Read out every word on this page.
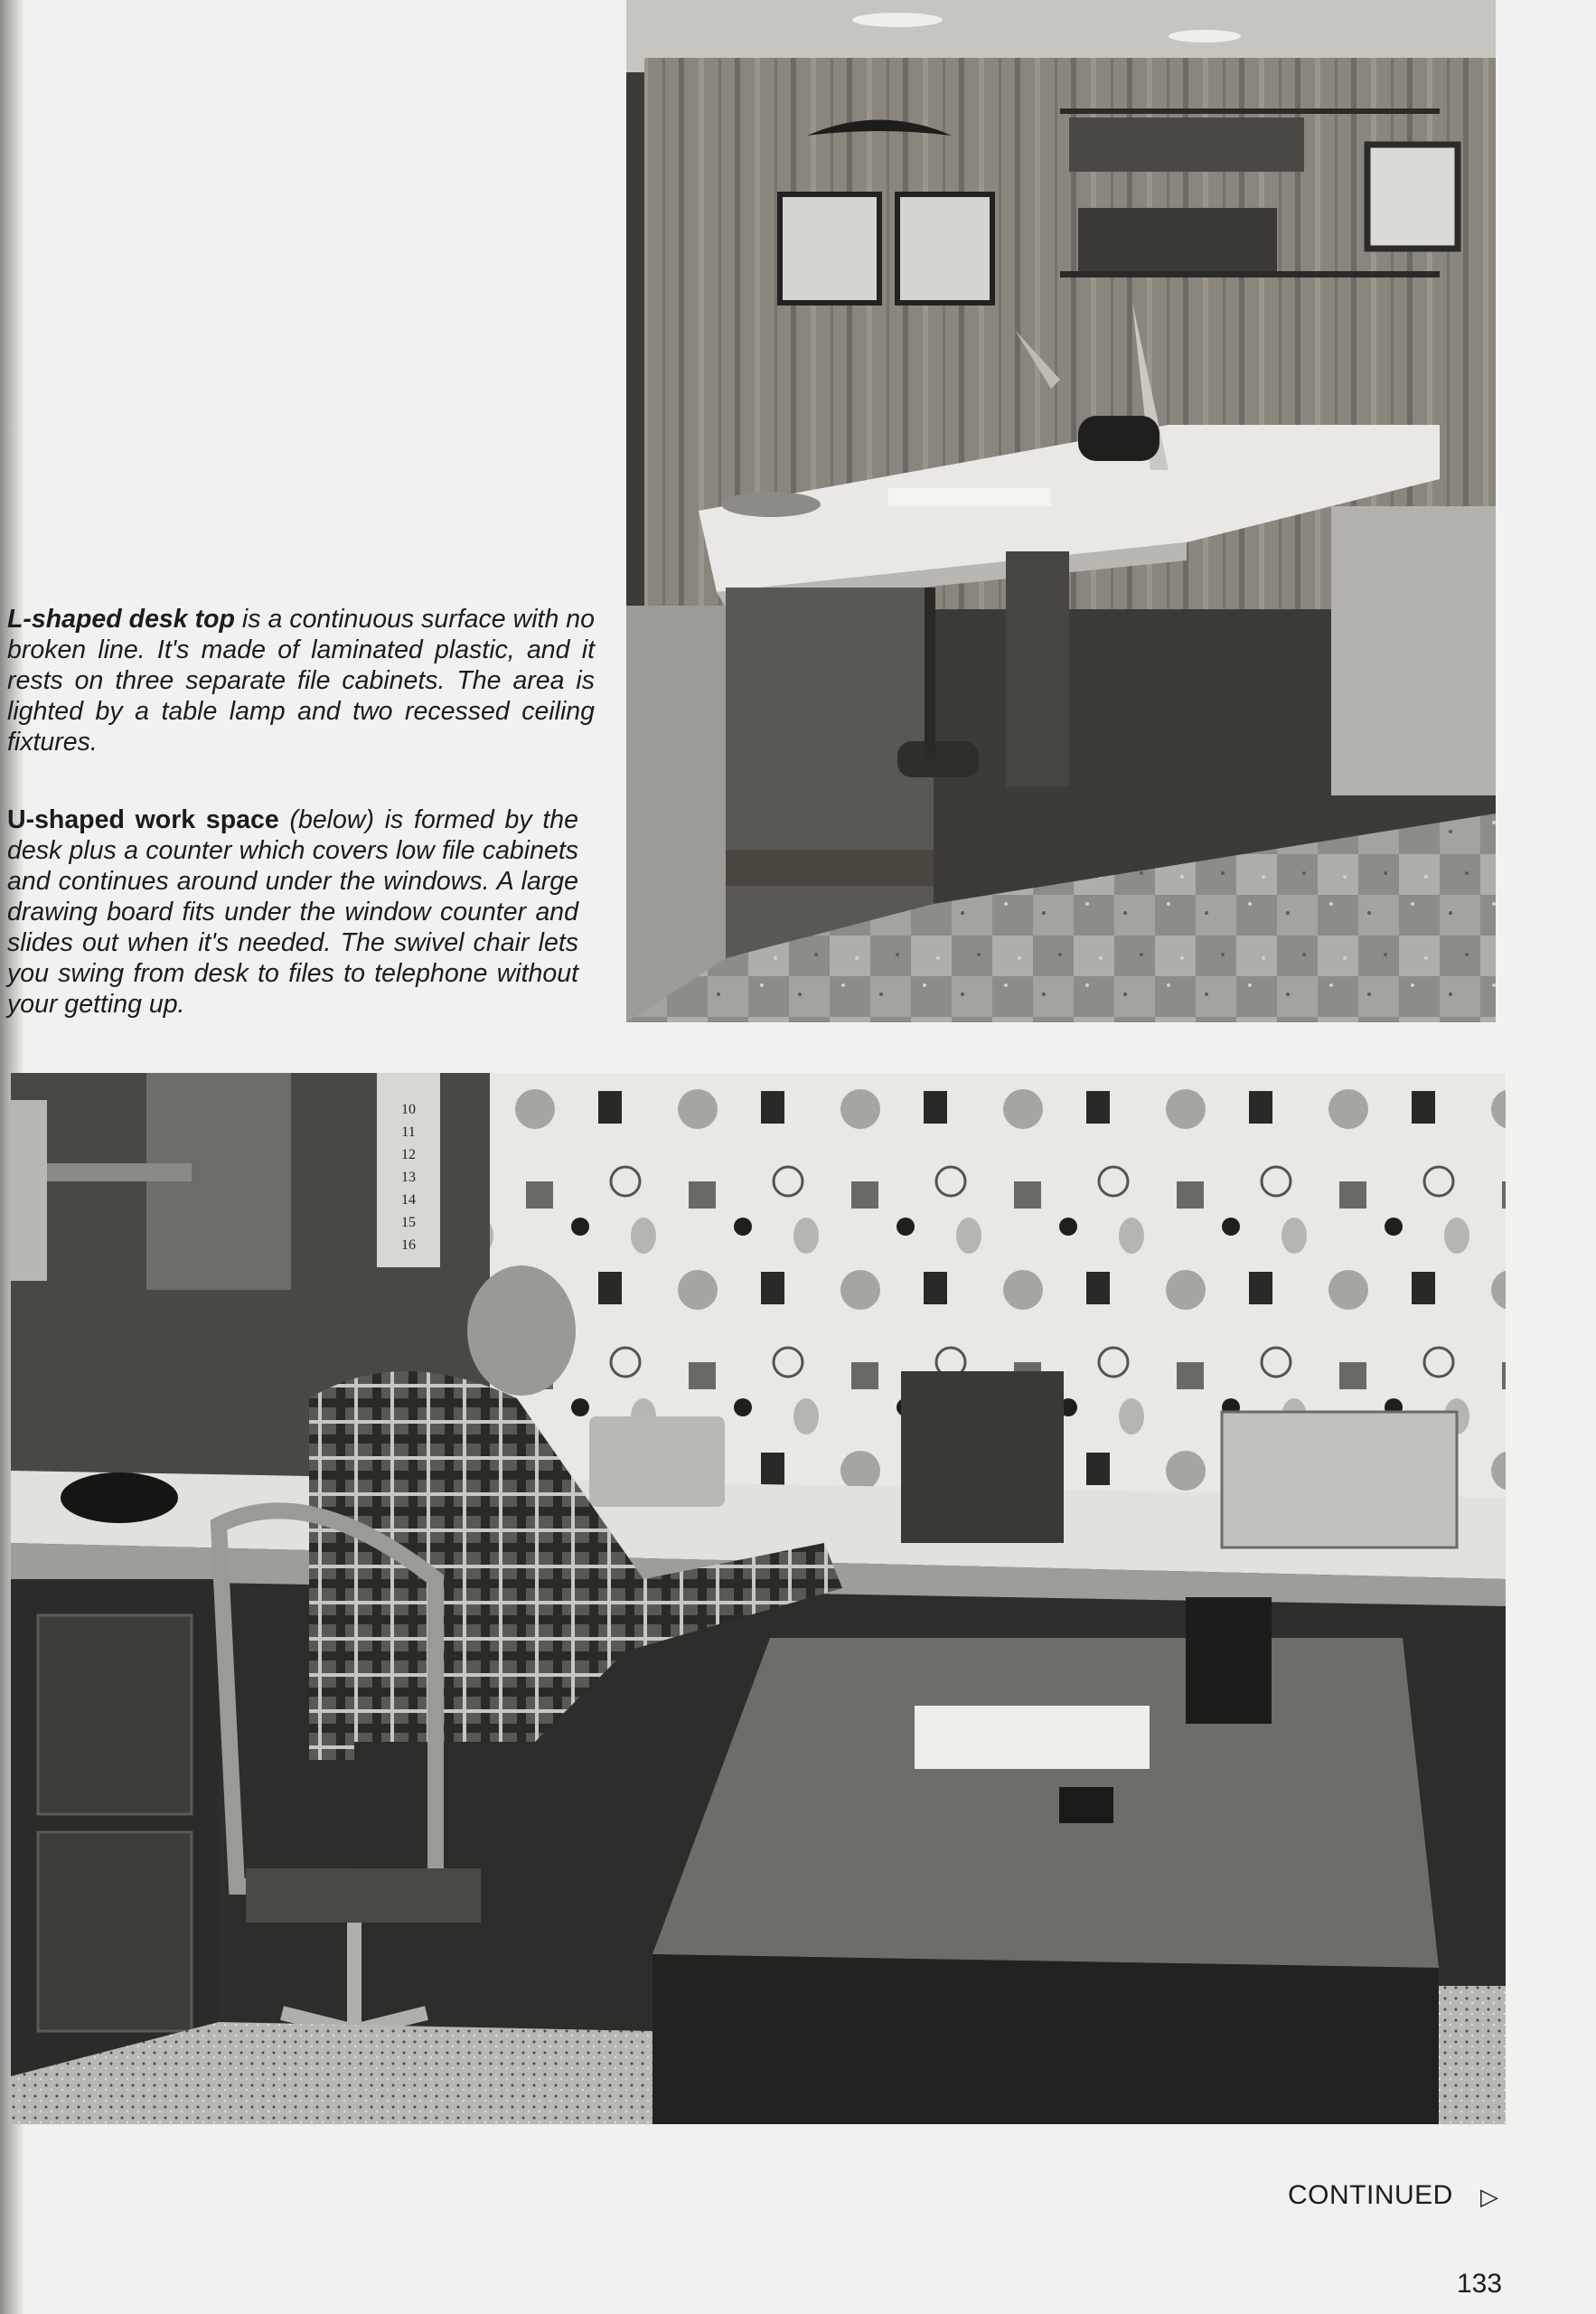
L-shaped desk top is a continuous surface with no broken line. It's made of laminated plastic, and it rests on three separate file cabinets. The area is lighted by a table lamp and two recessed ceiling fixtures.

U-shaped work space (below) is formed by the desk plus a counter which covers low file cabinets and continues around under the windows. A large drawing board fits under the window counter and slides out when it's needed. The swivel chair lets you swing from desk to files to telephone without your getting up.

10
11
12
13
14
15
16
CONTINUED ▷
133
